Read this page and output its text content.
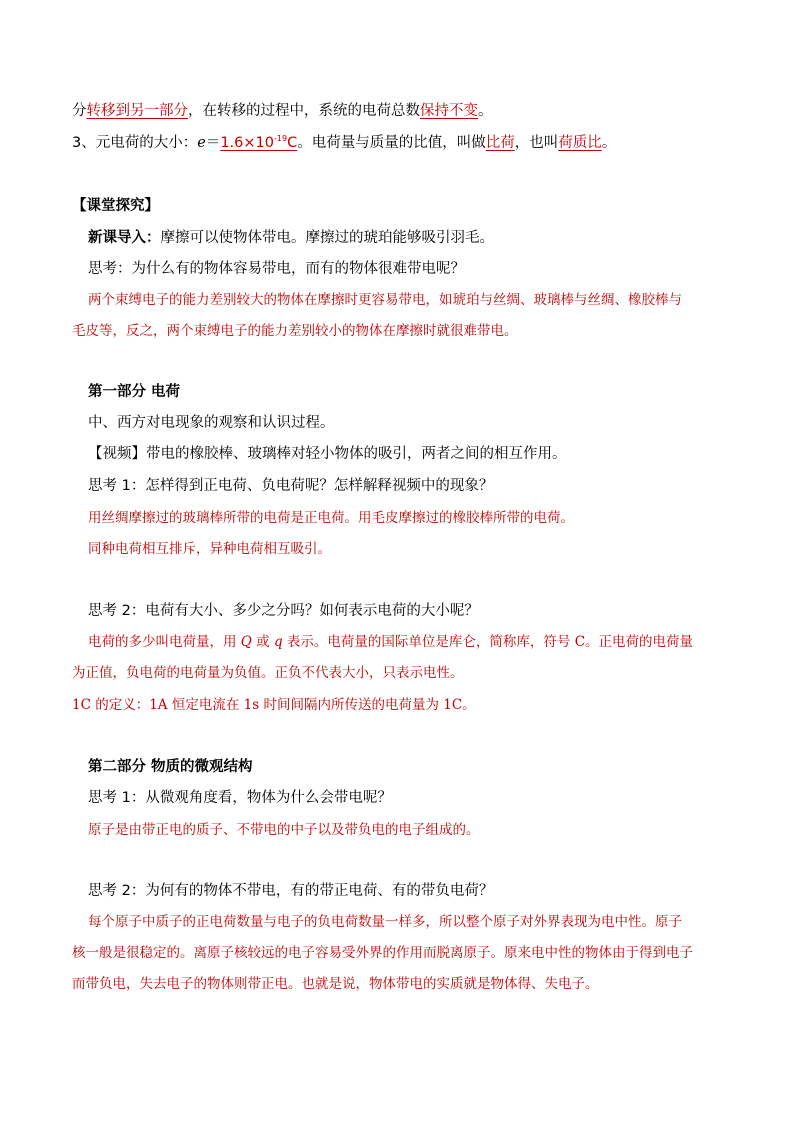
分转移到另一部分，在转移的过程中，系统的电荷总数保持不变。
3、元电荷的大小：$e=1.6\times 10^{-19}C$。电荷量与质量的比值，叫做比荷，也叫荷质比。
【课堂探究】
新课导入：摩擦可以使物体带电。摩擦过的琥珀能够吸引羽毛。
思考：为什么有的物体容易带电，而有的物体很难带电呢？
两个束缚电子的能力差别较大的物体在摩擦时更容易带电，如琥珀与丝绸、玻璃棒与丝绸、橡胶棒与
毛皮等，反之，两个束缚电子的能力差别较小的物体在摩擦时就很难带电。
第一部分 电荷
中、西方对电现象的观察和认识过程。
【视频】带电的橡胶棒、玻璃棒对轻小物体的吸引，两者之间的相互作用。
思考 1：怎样得到正电荷、负电荷呢？怎样解释视频中的现象？
用丝绸摩擦过的玻璃棒所带的电荷是正电荷。用毛皮摩擦过的橡胶棒所带的电荷。
同种电荷相互排斥，异种电荷相互吸引。
思考 2：电荷有大小、多少之分吗？如何表示电荷的大小呢？
电荷的多少叫电荷量，用 Q 或 q 表示。电荷量的国际单位是库仑，简称库，符号 C。正电荷的电荷量
为正值，负电荷的电荷量为负值。正负不代表大小，只表示电性。
1C 的定义：1A 恒定电流在 1s 时间间隔内所传送的电荷量为 1C。
第二部分 物质的微观结构
思考 1：从微观角度看，物体为什么会带电呢？
原子是由带正电的质子、不带电的中子以及带负电的电子组成的。
思考 2：为何有的物体不带电，有的带正电荷、有的带负电荷？
每个原子中质子的正电荷数量与电子的负电荷数量一样多，所以整个原子对外界表现为电中性。原子
核一般是很稳定的。离原子核较远的电子容易受外界的作用而脱离原子。原来电中性的物体由于得到电子
而带负电，失去电子的物体则带正电。也就是说，物体带电的实质就是物体得、失电子。
